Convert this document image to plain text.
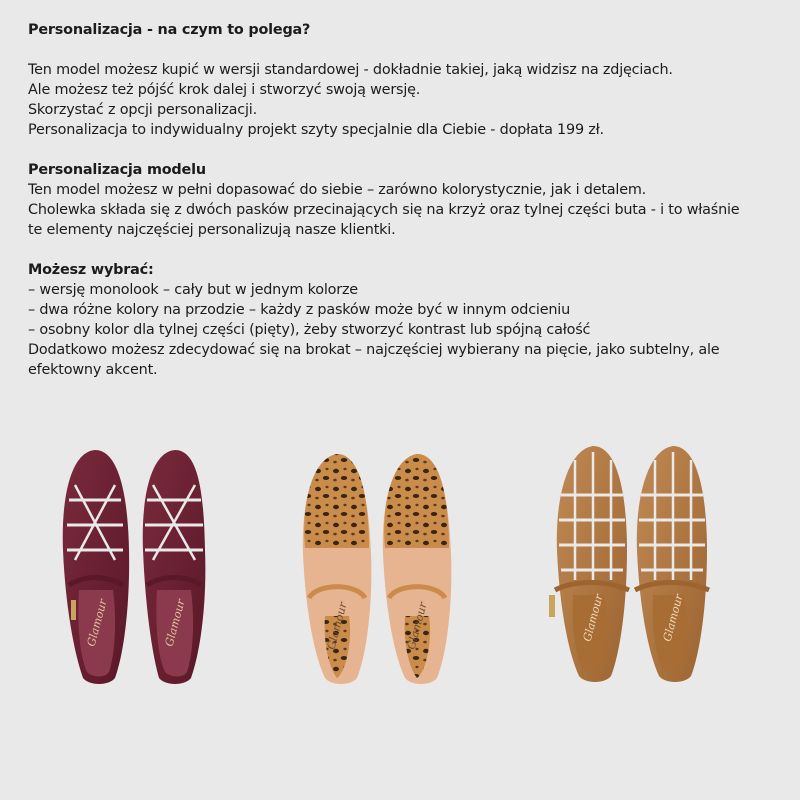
Personalizacja - na czym to polega?

Ten model możesz kupić w wersji standardowej - dokładnie takiej, jaką widzisz na zdjęciach.

Ale możesz też pójść krok dalej i stworzyć swoją wersję.

Skorzystać z opcji personalizacji.

Personalizacja to indywidualny projekt szyty specjalnie dla Ciebie - dopłata 199 zł.

Personalizacja modelu

Ten model możesz w pełni dopasować do siebie – zarówno kolorystycznie, jak i detalem.

Cholewka składa się z dwóch pasków przecinających się na krzyż oraz tylnej części buta - i to właśnie

te elementy najczęściej personalizują nasze klientki.

Możesz wybrać:

– wersję monolook – cały but w jednym kolorze

– dwa różne kolory na przodzie – każdy z pasków może być w innym odcieniu

– osobny kolor dla tylnej części (pięty), żeby stworzyć kontrast lub spójną całość

Dodatkowo możesz zdecydować się na brokat – najczęściej wybierany na pięcie, jako subtelny, ale

efektowny akcent.

Glamour	Glamour	Glamour	Glamour	Glamour	Glamour
